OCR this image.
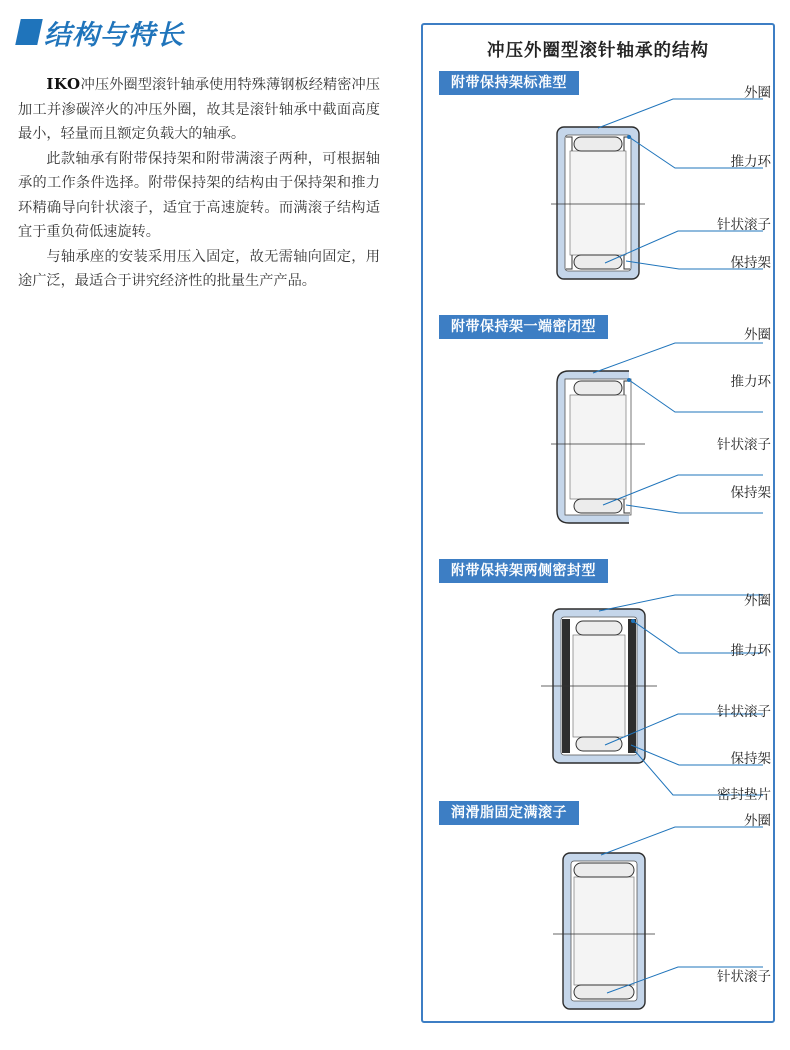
结构与特长

IKO冲压外圈型滚针轴承使用特殊薄钢板经精密冲压加工并渗碳淬火的冲压外圈，故其是滚针轴承中截面高度最小，轻量而且额定负载大的轴承。

此款轴承有附带保持架和附带满滚子两种，可根据轴承的工作条件选择。附带保持架的结构由于保持架和推力环精确导向针状滚子，适宜于高速旋转。而满滚子结构适宜于重负荷低速旋转。

与轴承座的安装采用压入固定，故无需轴向固定，用途广泛，最适合于讲究经济性的批量生产产品。

冲压外圈型滚针轴承的结构
附带保持架标准型
外圈
推力环
针状滚子
保持架
附带保持架一端密闭型	外圈
推力环
针状滚子
保持架
附带保持架两侧密封型
外圈
推力环
针状滚子
保持架
密封垫片
润滑脂固定满滚子	外圈
针状滚子
